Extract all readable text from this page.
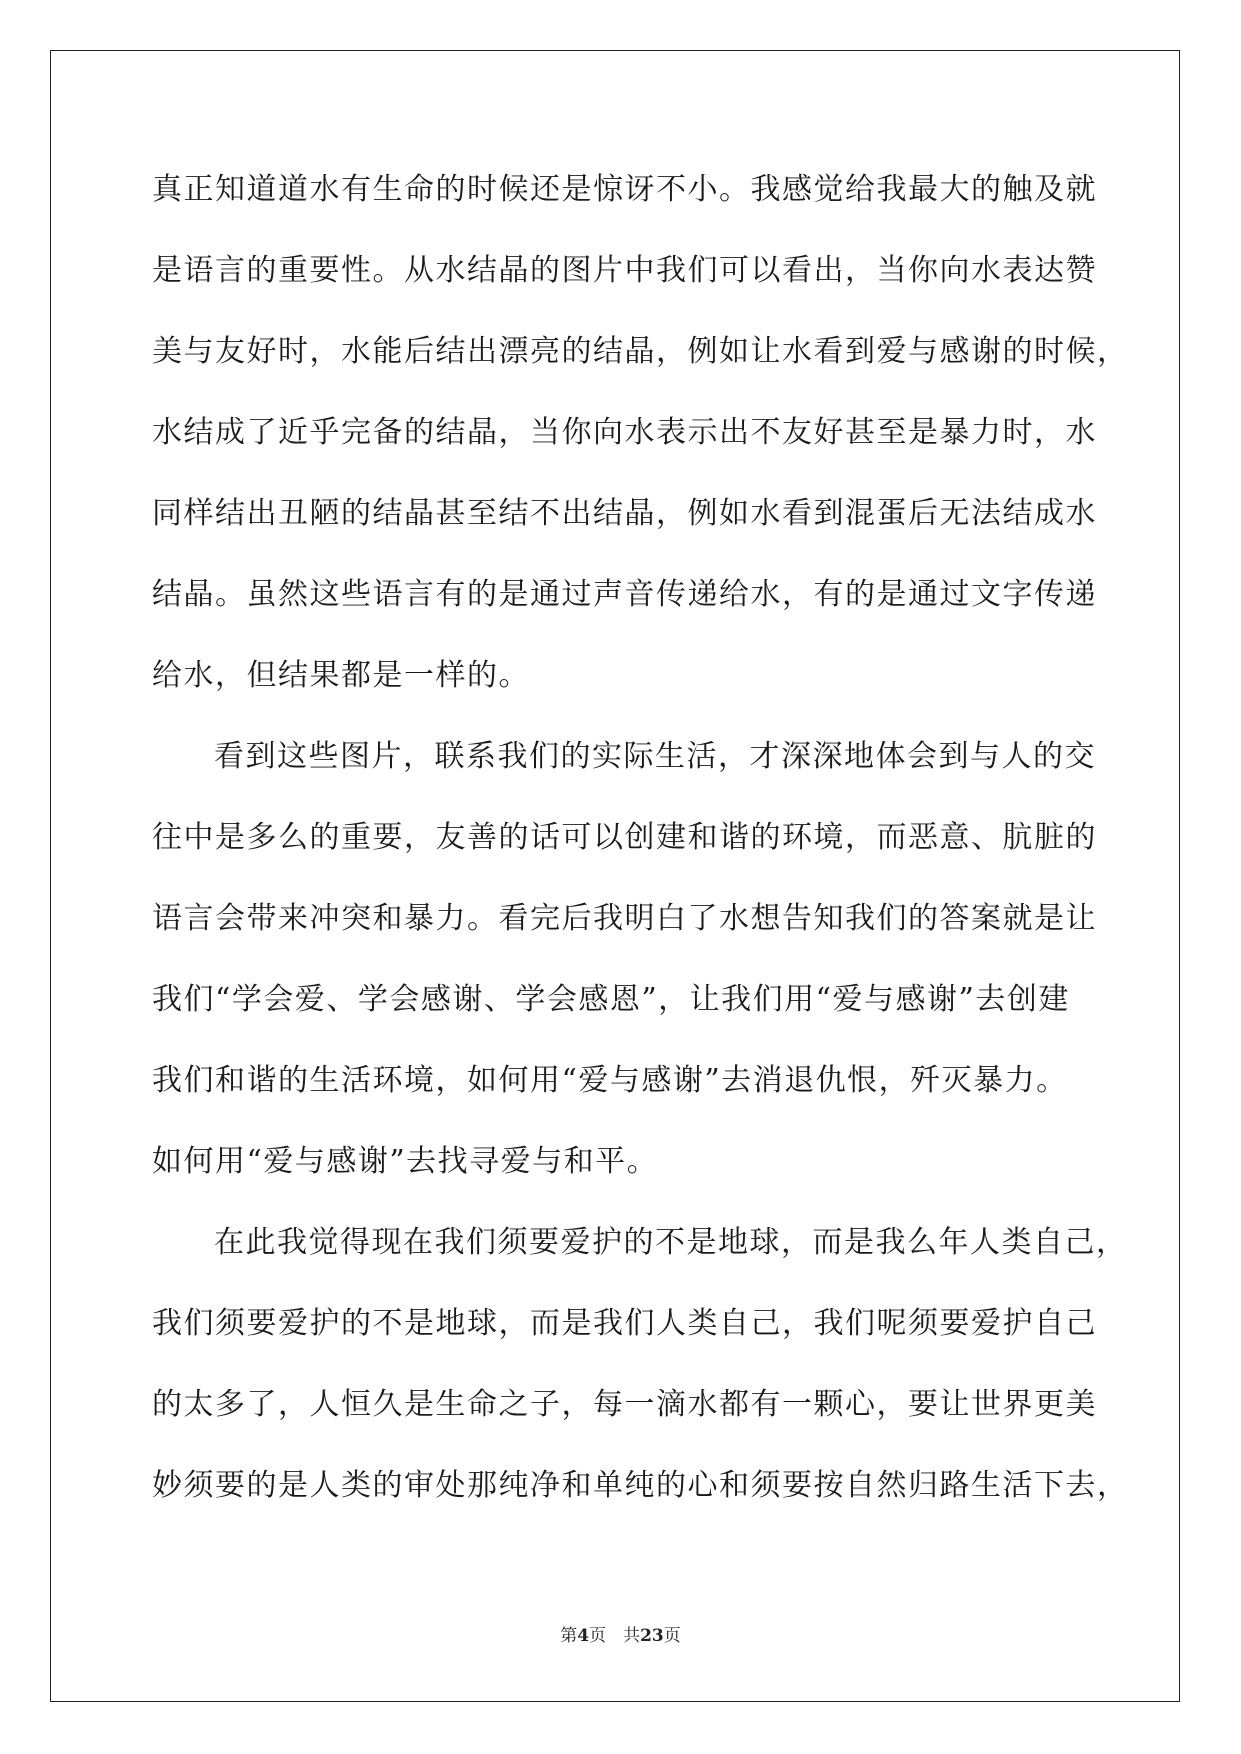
真正知道道水有生命的时候还是惊讶不小。我感觉给我最大的触及就
是语言的重要性。从水结晶的图片中我们可以看出，当你向水表达赞
美与友好时，水能后结出漂亮的结晶，例如让水看到爱与感谢的时候，
水结成了近乎完备的结晶，当你向水表示出不友好甚至是暴力时，水
同样结出丑陋的结晶甚至结不出结晶，例如水看到混蛋后无法结成水
结晶。虽然这些语言有的是通过声音传递给水，有的是通过文字传递
给水，但结果都是一样的。
看到这些图片，联系我们的实际生活，才深深地体会到与人的交
往中是多么的重要，友善的话可以创建和谐的环境，而恶意、肮脏的
语言会带来冲突和暴力。看完后我明白了水想告知我们的答案就是让
我们“学会爱、学会感谢、学会感恩”，让我们用“爱与感谢”去创建
我们和谐的生活环境，如何用“爱与感谢”去消退仇恨，歼灭暴力。
如何用“爱与感谢”去找寻爱与和平。
在此我觉得现在我们须要爱护的不是地球，而是我么年人类自己，
我们须要爱护的不是地球，而是我们人类自己，我们呢须要爱护自己
的太多了，人恒久是生命之子，每一滴水都有一颗心，要让世界更美
妙须要的是人类的审处那纯净和单纯的心和须要按自然归路生活下去，
第4页　共23页
